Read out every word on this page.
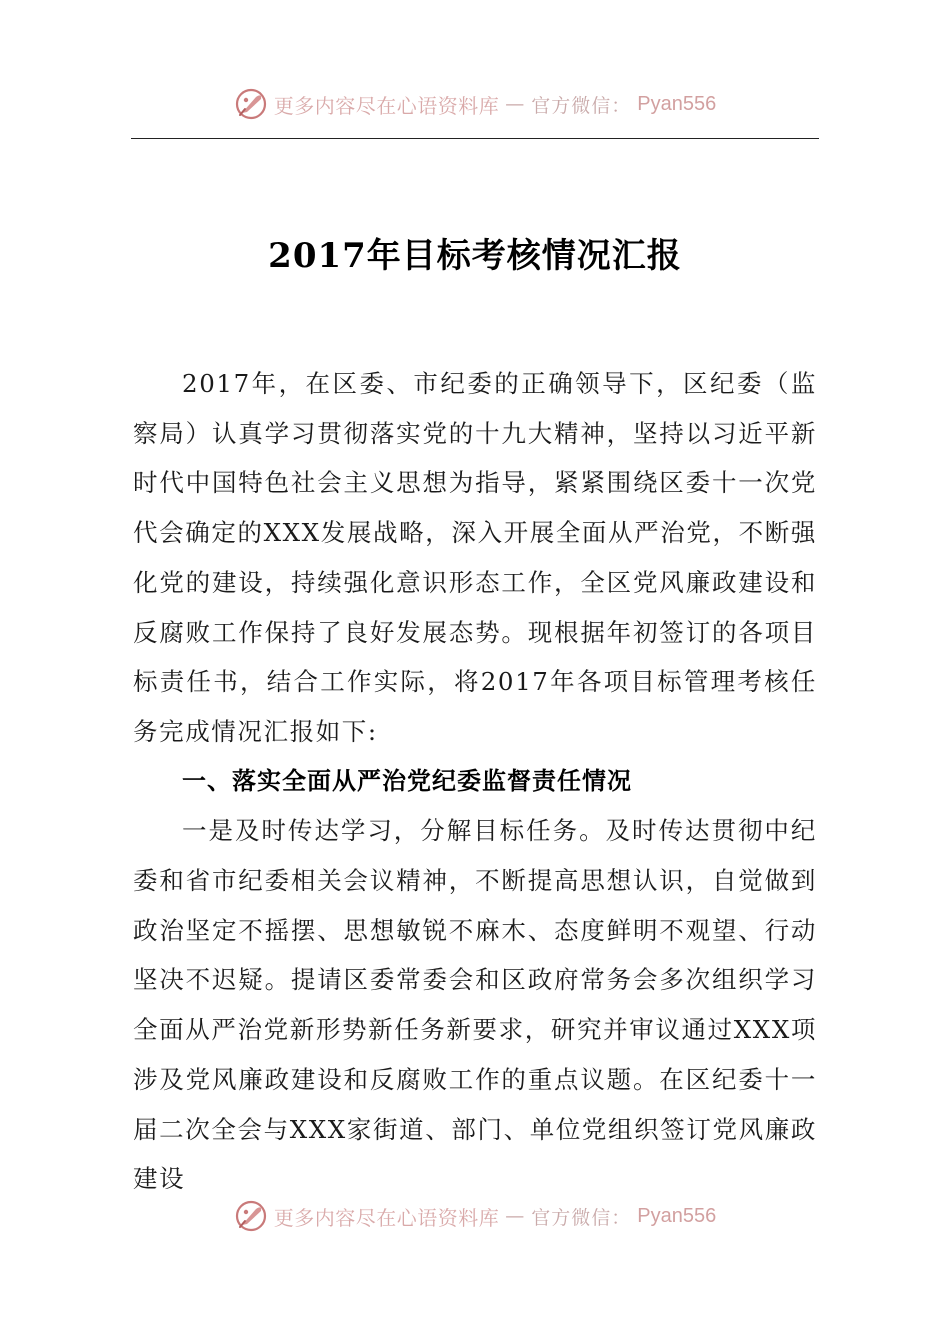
更多内容尽在心语资料库 — 官方微信： Pyan556
2017年目标考核情况汇报

2017年，在区委、市纪委的正确领导下，区纪委（监察局）认真学习贯彻落实党的十九大精神，坚持以习近平新时代中国特色社会主义思想为指导，紧紧围绕区委十一次党代会确定的XXX发展战略，深入开展全面从严治党，不断强化党的建设，持续强化意识形态工作，全区党风廉政建设和反腐败工作保持了良好发展态势。现根据年初签订的各项目标责任书，结合工作实际，将2017年各项目标管理考核任务完成情况汇报如下:

一、落实全面从严治党纪委监督责任情况

一是及时传达学习，分解目标任务。及时传达贯彻中纪委和省市纪委相关会议精神，不断提高思想认识，自觉做到政治坚定不摇摆、思想敏锐不麻木、态度鲜明不观望、行动坚决不迟疑。提请区委常委会和区政府常务会多次组织学习全面从严治党新形势新任务新要求，研究并审议通过XXX项涉及党风廉政建设和反腐败工作的重点议题。在区纪委十一届二次全会与XXX家街道、部门、单位党组织签订党风廉政建设

更多内容尽在心语资料库 — 官方微信： Pyan556
